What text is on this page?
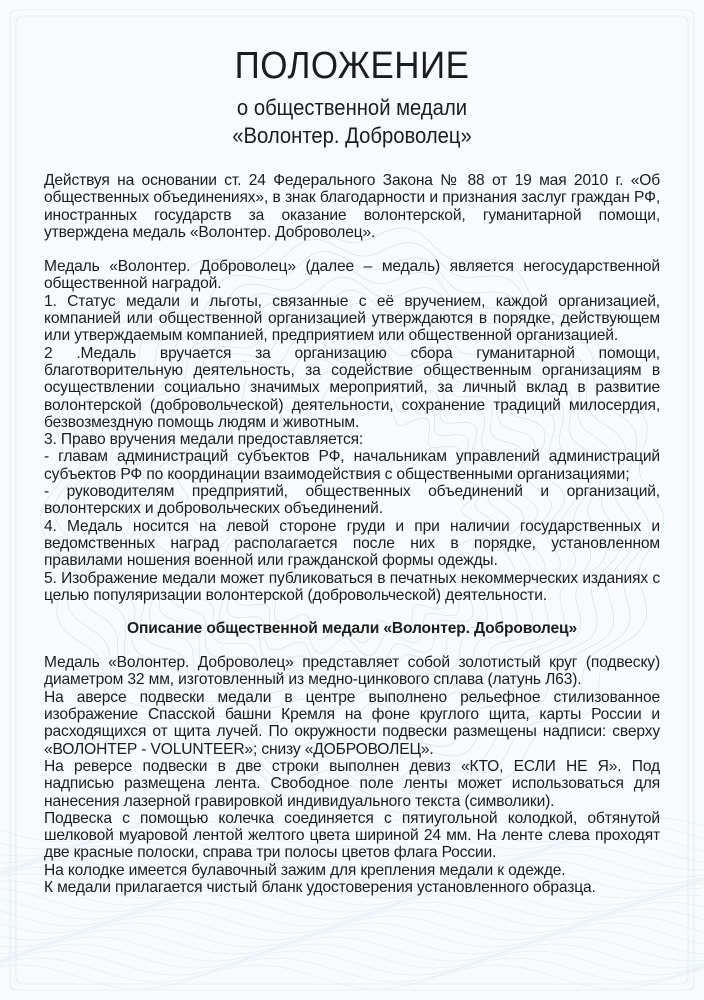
ПОЛОЖЕНИЕ
о общественной медали
«Волонтер. Доброволец»

Действуя на основании ст. 24 Федерального Закона № 88 от 19 мая 2010 г. «Об общественных объединениях», в знак благодарности и признания заслуг граждан РФ, иностранных государств за оказание волонтерской, гуманитарной помощи, утверждена медаль «Волонтер. Доброволец».

Медаль «Волонтер. Доброволец» (далее – медаль) является негосударственной общественной наградой.

1. Статус медали и льготы, связанные с её вручением, каждой организацией, компанией или общественной организацией утверждаются в порядке, действующем или утверждаемым компанией, предприятием или общественной организацией.

2 .Медаль вручается за организацию сбора гуманитарной помощи, благотворительную деятельность, за содействие общественным организациям в осуществлении социально значимых мероприятий, за личный вклад в развитие волонтерской (добровольческой) деятельности, сохранение традиций милосердия, безвозмездную помощь людям и животным.

3. Право вручения медали предоставляется:

- главам администраций субъектов РФ, начальникам управлений администраций субъектов РФ по координации взаимодействия с общественными организациями;

- руководителям предприятий, общественных объединений и организаций, волонтерских и добровольческих объединений.

4. Медаль носится на левой стороне груди и при наличии государственных и ведомственных наград располагается после них в порядке, установленном правилами ношения военной или гражданской формы одежды.

5. Изображение медали может публиковаться в печатных некоммерческих изданиях с целью популяризации волонтерской (добровольческой) деятельности.

Описание общественной медали «Волонтер. Доброволец»

Медаль «Волонтер. Доброволец» представляет собой золотистый круг (подвеску) диаметром 32 мм, изготовленный из медно-цинкового сплава (латунь Л63).

На аверсе подвески медали в центре выполнено рельефное стилизованное изображение Спасской башни Кремля на фоне круглого щита, карты России и расходящихся от щита лучей. По окружности подвески размещены надписи: сверху «ВОЛОНТЕР - VOLUNTEER»; снизу «ДОБРОВОЛЕЦ».

На реверсе подвески в две строки выполнен девиз «КТО, ЕСЛИ НЕ Я». Под надписью размещена лента. Свободное поле ленты может использоваться для нанесения лазерной гравировкой индивидуального текста (символики).

Подвеска с помощью колечка соединяется с пятиугольной колодкой, обтянутой шелковой муаровой лентой желтого цвета шириной 24 мм. На ленте слева проходят две красные полоски, справа три полосы цветов флага России.

На колодке имеется булавочный зажим для крепления медали к одежде.

К медали прилагается чистый бланк удостоверения установленного образца.
